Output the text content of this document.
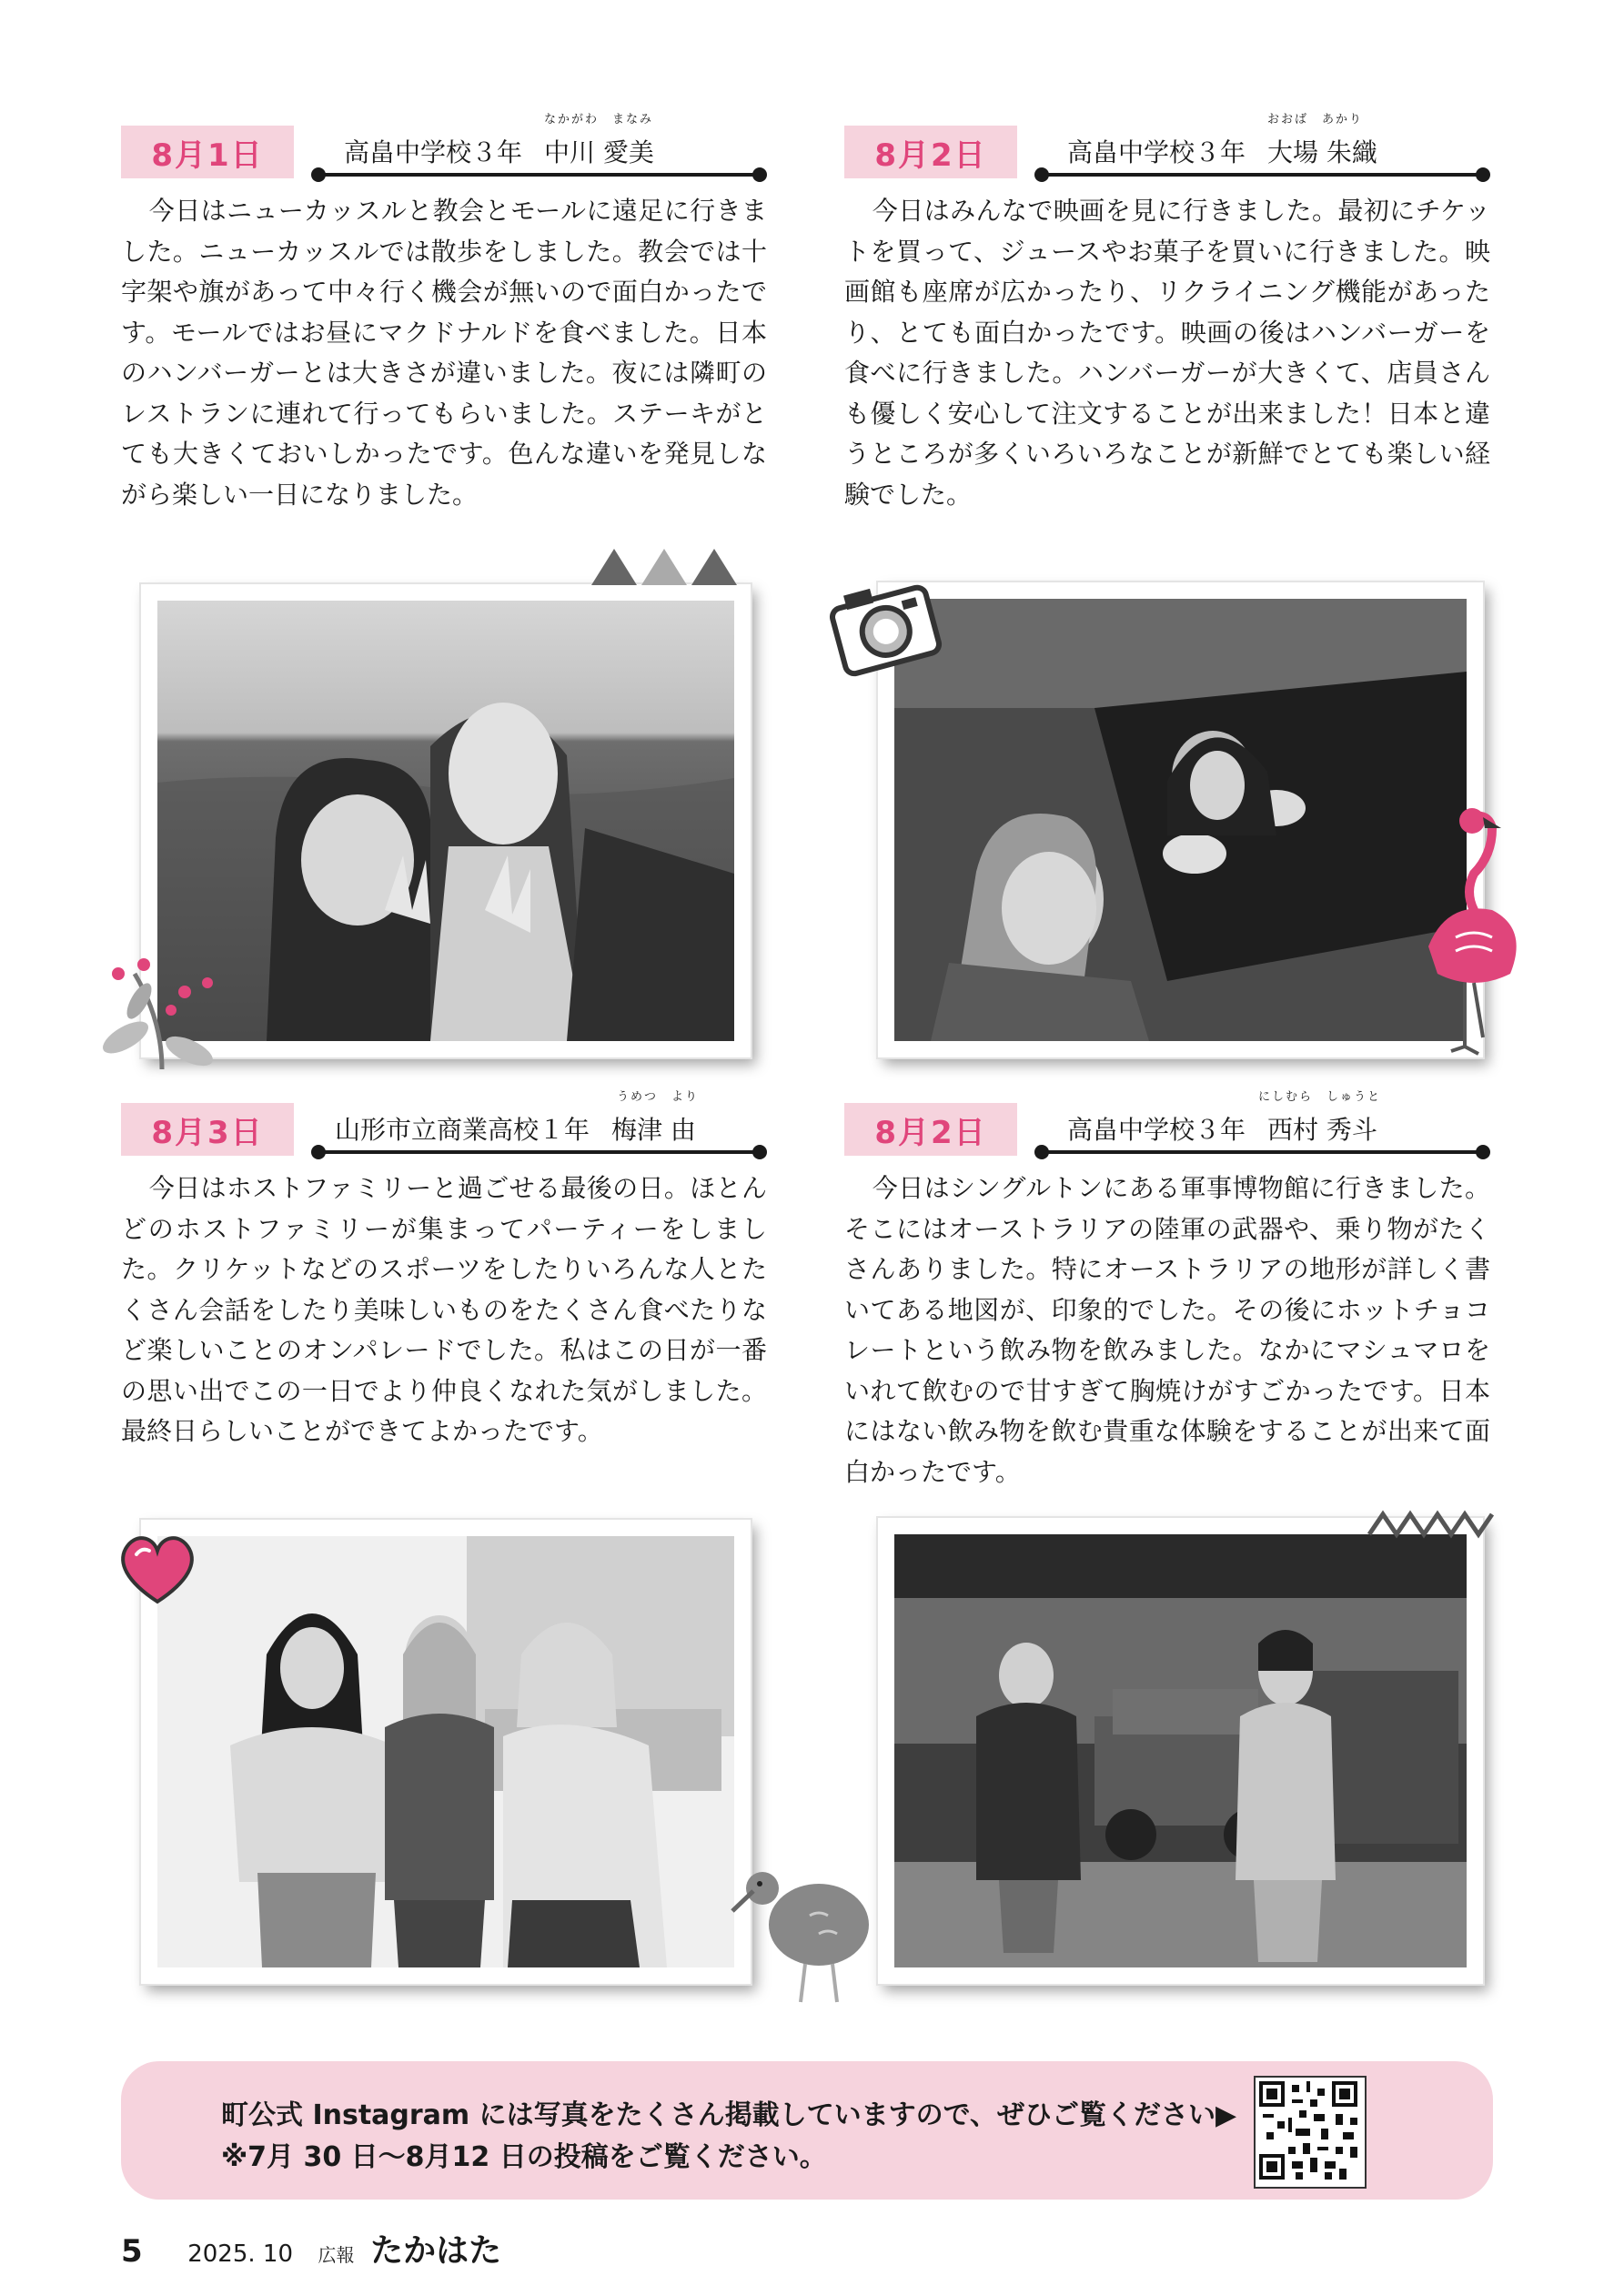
8月1日	高畠中学校３年 中川 愛美
なかがわ　まなみ
今日はニューカッスルと教会とモールに遠足に行きました。ニューカッスルでは散歩をしました。教会では十字架や旗があって中々行く機会が無いので面白かったです。モールではお昼にマクドナルドを食べました。日本のハンバーガーとは大きさが違いました。夜には隣町のレストランに連れて行ってもらいました。ステーキがとても大きくておいしかったです。色んな違いを発見しながら楽しい一日になりました。
8月2日	高畠中学校３年 大場 朱織
おおば　あかり
今日はみんなで映画を見に行きました。最初にチケットを買って、ジュースやお菓子を買いに行きました。映画館も座席が広かったり、リクライニング機能があったり、とても面白かったです。映画の後はハンバーガーを食べに行きました。ハンバーガーが大きくて、店員さんも優しく安心して注文することが出来ました！日本と違うところが多くいろいろなことが新鮮でとても楽しい経験でした。
8月3日	山形市立商業高校１年 梅津 由
うめつ　より
今日はホストファミリーと過ごせる最後の日。ほとんどのホストファミリーが集まってパーティーをしました。クリケットなどのスポーツをしたりいろんな人とたくさん会話をしたり美味しいものをたくさん食べたりなど楽しいことのオンパレードでした。私はこの日が一番の思い出でこの一日でより仲良くなれた気がしました。最終日らしいことができてよかったです。
8月2日	高畠中学校３年 西村 秀斗
にしむら　しゅうと
今日はシングルトンにある軍事博物館に行きました。そこにはオーストラリアの陸軍の武器や、乗り物がたくさんありました。特にオーストラリアの地形が詳しく書いてある地図が、印象的でした。その後にホットチョコレートという飲み物を飲みました。なかにマシュマロをいれて飲むので甘すぎて胸焼けがすごかったです。日本にはない飲み物を飲む貴重な体験をすることが出来て面白かったです。
町公式 Instagram には写真をたくさん掲載していますので、ぜひご覧ください▶
※7月 30 日～8月12 日の投稿をご覧ください。
5 2025. 10 広報 たかはた
